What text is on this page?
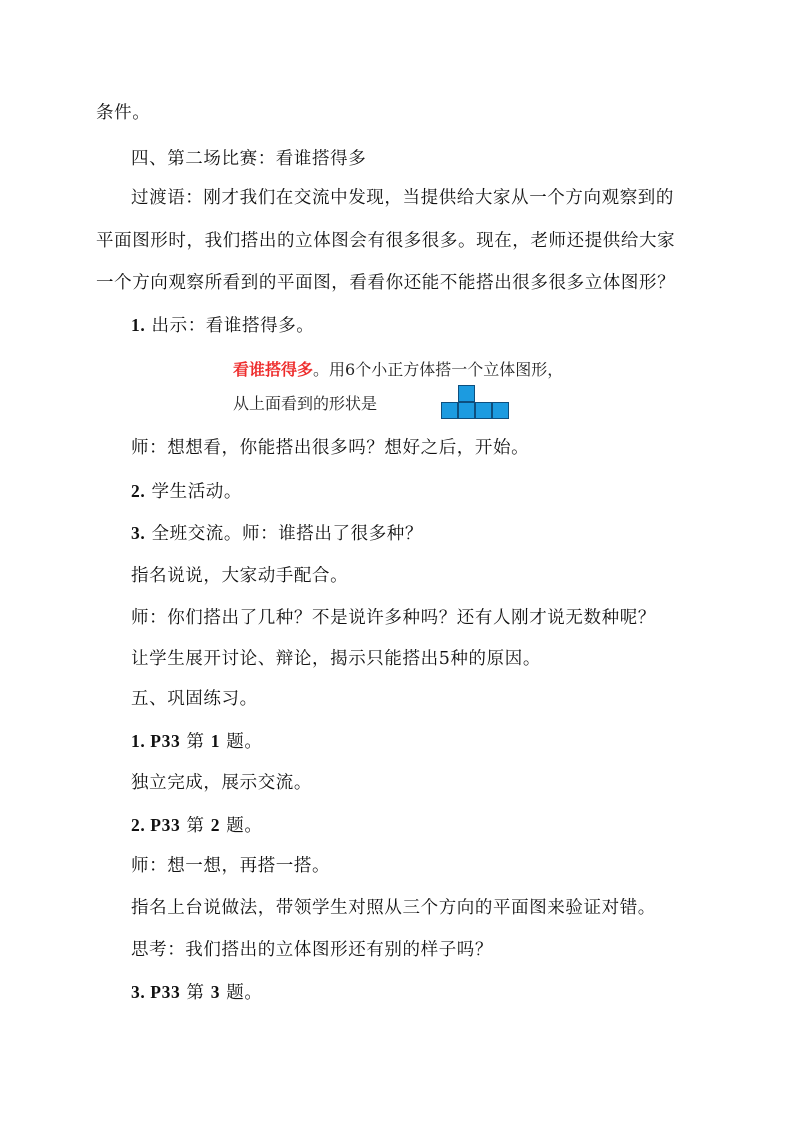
条件。
四、第二场比赛：看谁搭得多
过渡语：刚才我们在交流中发现，当提供给大家从一个方向观察到的
平面图形时，我们搭出的立体图会有很多很多。现在，老师还提供给大家
一个方向观察所看到的平面图，看看你还能不能搭出很多很多立体图形？
1. 出示：看谁搭得多。
看谁搭得多。用6个小正方体搭一个立体图形，
从上面看到的形状是
师：想想看，你能搭出很多吗？想好之后，开始。
2. 学生活动。
3. 全班交流。师：谁搭出了很多种？
指名说说，大家动手配合。
师：你们搭出了几种？不是说许多种吗？还有人刚才说无数种呢？
让学生展开讨论、辩论，揭示只能搭出5种的原因。
五、巩固练习。
1. P33 第 1 题。
独立完成，展示交流。
2. P33 第 2 题。
师：想一想，再搭一搭。
指名上台说做法，带领学生对照从三个方向的平面图来验证对错。
思考：我们搭出的立体图形还有别的样子吗？
3. P33 第 3 题。
